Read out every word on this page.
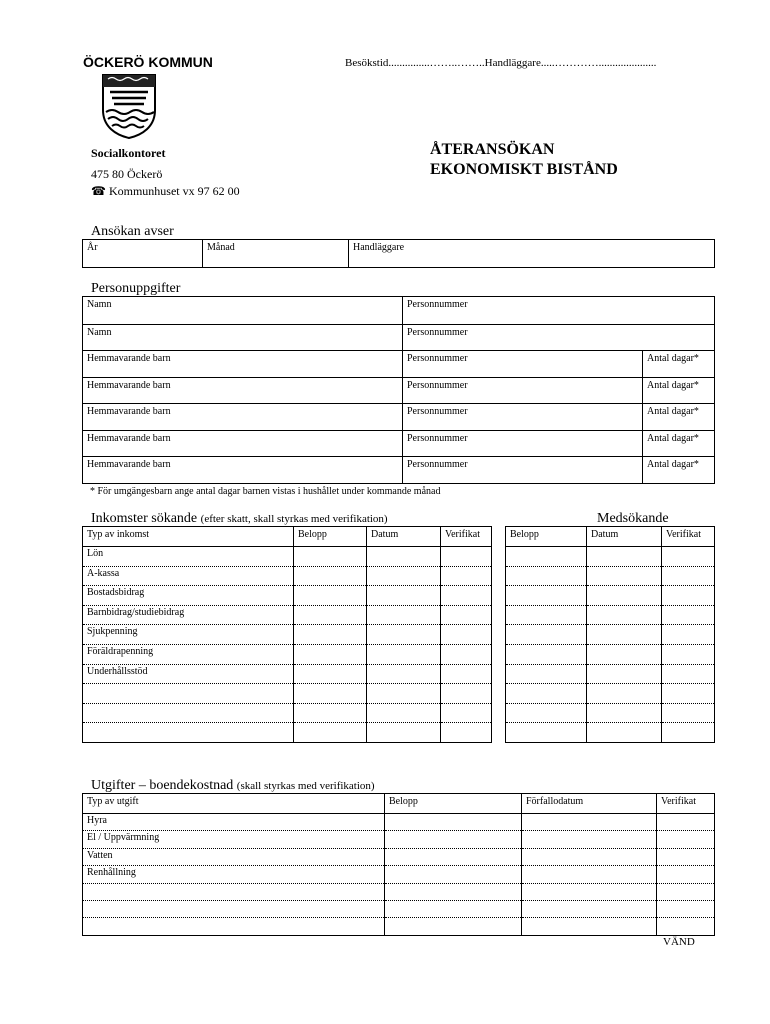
ÖCKERÖ KOMMUN	Besökstid...............……..……..Handläggare.....………….....................
Socialkontoret
475 80 Öckerö
☎ Kommunhuset vx 97 62 00
ÅTERANSÖKAN
EKONOMISKT BISTÅND
Ansökan avser
År	Månad	Handläggare
Personuppgifter
Namn	Personnummer	
Namn	Personnummer	
Hemmavarande barn	Personnummer	Antal dagar*
Hemmavarande barn	Personnummer	Antal dagar*
Hemmavarande barn	Personnummer	Antal dagar*
Hemmavarande barn	Personnummer	Antal dagar*
Hemmavarande barn	Personnummer	Antal dagar*
* För umgängesbarn ange antal dagar barnen vistas i hushållet under kommande månad
Inkomster sökande (efter skatt, skall styrkas med verifikation)	Medsökande
Typ av inkomst	Belopp	Datum	Verifikat
Lön			
A-kassa			
Bostadsbidrag			
Barnbidrag/studiebidrag			
Sjukpenning			
Föräldrapenning			
Underhållsstöd			

Belopp	Datum	Verifikat

Utgifter – boendekostnad (skall styrkas med verifikation)
Typ av utgift	Belopp	Förfallodatum	Verifikat
Hyra			
El / Uppvärmning			
Vatten			
Renhållning			

VÄND
